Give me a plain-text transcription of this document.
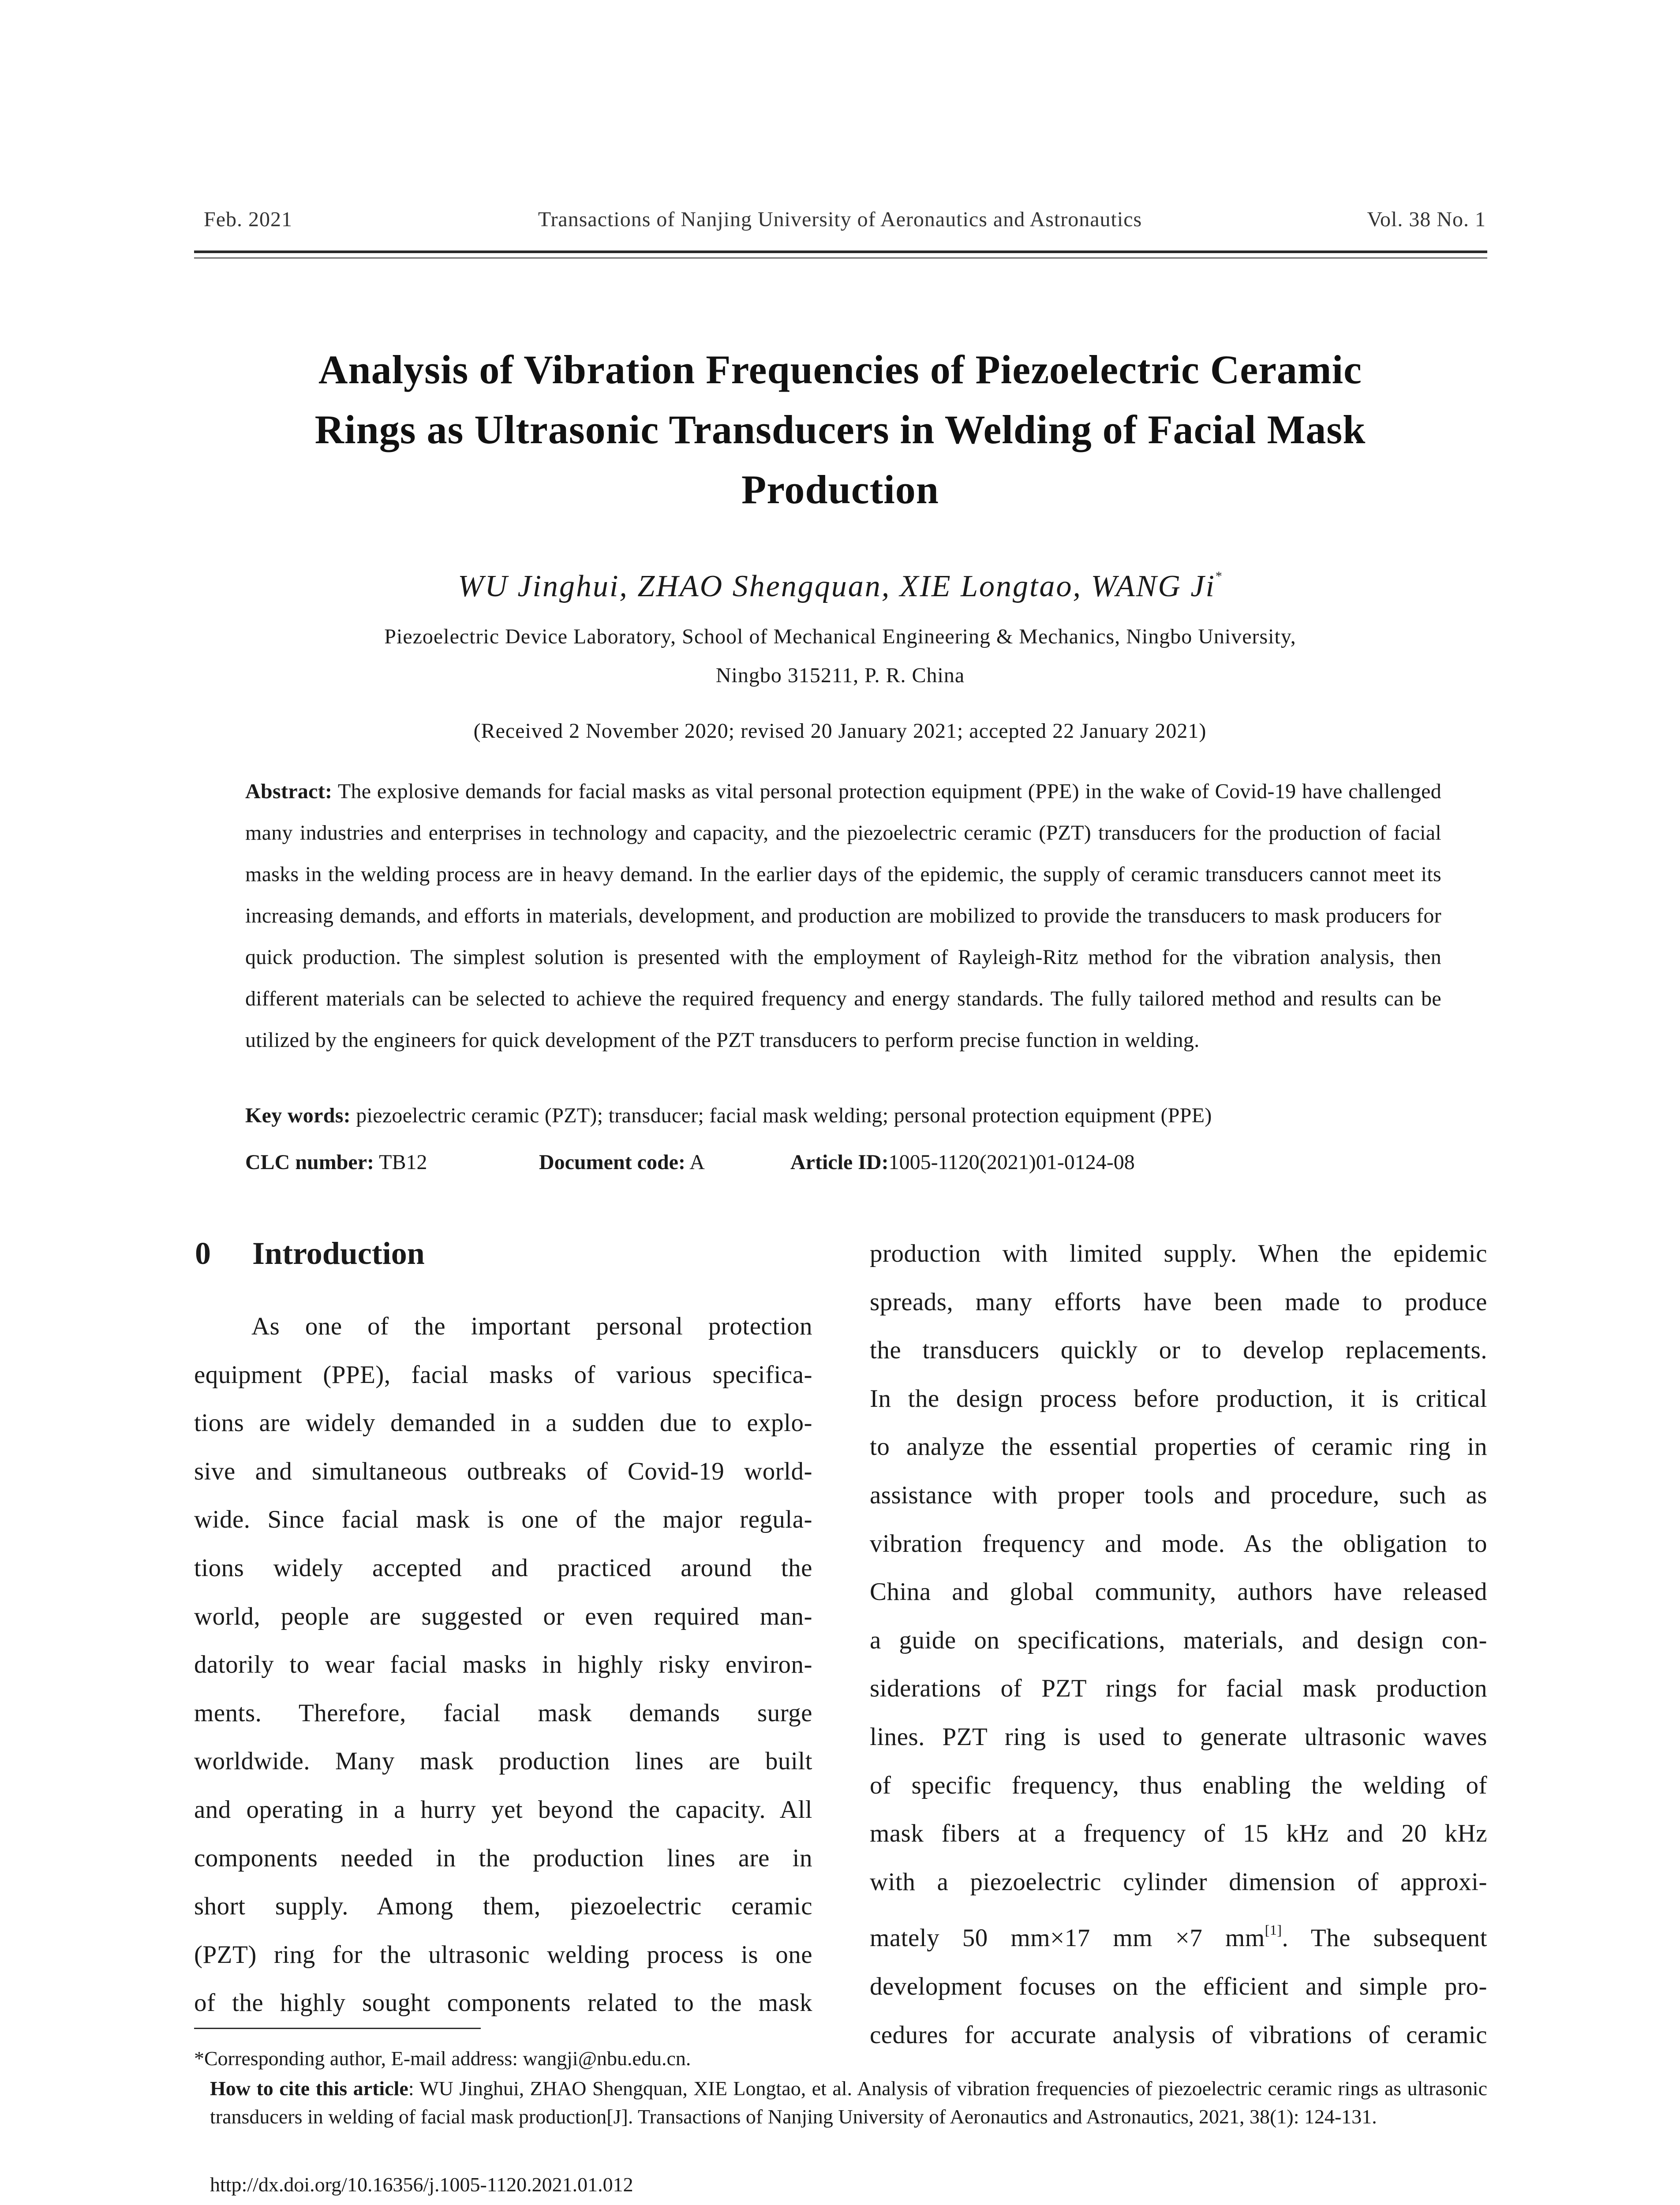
Feb. 2021	Transactions of Nanjing University of Aeronautics and Astronautics	Vol. 38 No. 1
Analysis of Vibration Frequencies of Piezoelectric Ceramic
Rings as Ultrasonic Transducers in Welding of Facial Mask
Production
WU Jinghui, ZHAO Shengquan, XIE Longtao, WANG Ji*
Piezoelectric Device Laboratory, School of Mechanical Engineering & Mechanics, Ningbo University,
Ningbo 315211, P. R. China
(Received 2 November 2020; revised 20 January 2021; accepted 22 January 2021)
Abstract: The explosive demands for facial masks as vital personal protection equipment (PPE) in the wake of Covid-19 have challenged many industries and enterprises in technology and capacity, and the piezoelectric ceramic (PZT) transducers for the production of facial masks in the welding process are in heavy demand. In the earlier days of the epidemic, the supply of ceramic transducers cannot meet its increasing demands, and efforts in materials, development, and production are mobilized to provide the transducers to mask producers for quick production. The simplest solution is presented with the employment of Rayleigh-Ritz method for the vibration analysis, then different materials can be selected to achieve the required frequency and energy standards. The fully tailored method and results can be utilized by the engineers for quick development of the PZT transducers to perform precise function in welding.
Key words: piezoelectric ceramic (PZT); transducer; facial mask welding; personal protection equipment (PPE)
CLC number: TB12	Document code: A	Article ID:1005-1120(2021)01-0124-08
0 Introduction
As one of the important personal protection
equipment (PPE), facial masks of various specifica-
tions are widely demanded in a sudden due to explo-
sive and simultaneous outbreaks of Covid-19 world-
wide. Since facial mask is one of the major regula-
tions widely accepted and practiced around the
world, people are suggested or even required man-
datorily to wear facial masks in highly risky environ-
ments. Therefore, facial mask demands surge
worldwide. Many mask production lines are built
and operating in a hurry yet beyond the capacity. All
components needed in the production lines are in
short supply. Among them, piezoelectric ceramic
(PZT) ring for the ultrasonic welding process is one
of the highly sought components related to the mask
production with limited supply. When the epidemic
spreads, many efforts have been made to produce
the transducers quickly or to develop replacements.
In the design process before production, it is critical
to analyze the essential properties of ceramic ring in
assistance with proper tools and procedure, such as
vibration frequency and mode. As the obligation to
China and global community, authors have released
a guide on specifications, materials, and design con-
siderations of PZT rings for facial mask production
lines. PZT ring is used to generate ultrasonic waves
of specific frequency, thus enabling the welding of
mask fibers at a frequency of 15 kHz and 20 kHz
with a piezoelectric cylinder dimension of approxi-
mately 50 mm×17 mm ×7 mm[1]. The subsequent
development focuses on the efficient and simple pro-
cedures for accurate analysis of vibrations of ceramic
*Corresponding author, E-mail address: wangji@nbu.edu.cn.
How to cite this article: WU Jinghui, ZHAO Shengquan, XIE Longtao, et al. Analysis of vibration frequencies of piezoelectric ceramic rings as ultrasonic transducers in welding of facial mask production[J]. Transactions of Nanjing University of Aeronautics and Astronautics, 2021, 38(1): 124-131.
http://dx.doi.org/10.16356/j.1005-1120.2021.01.012
